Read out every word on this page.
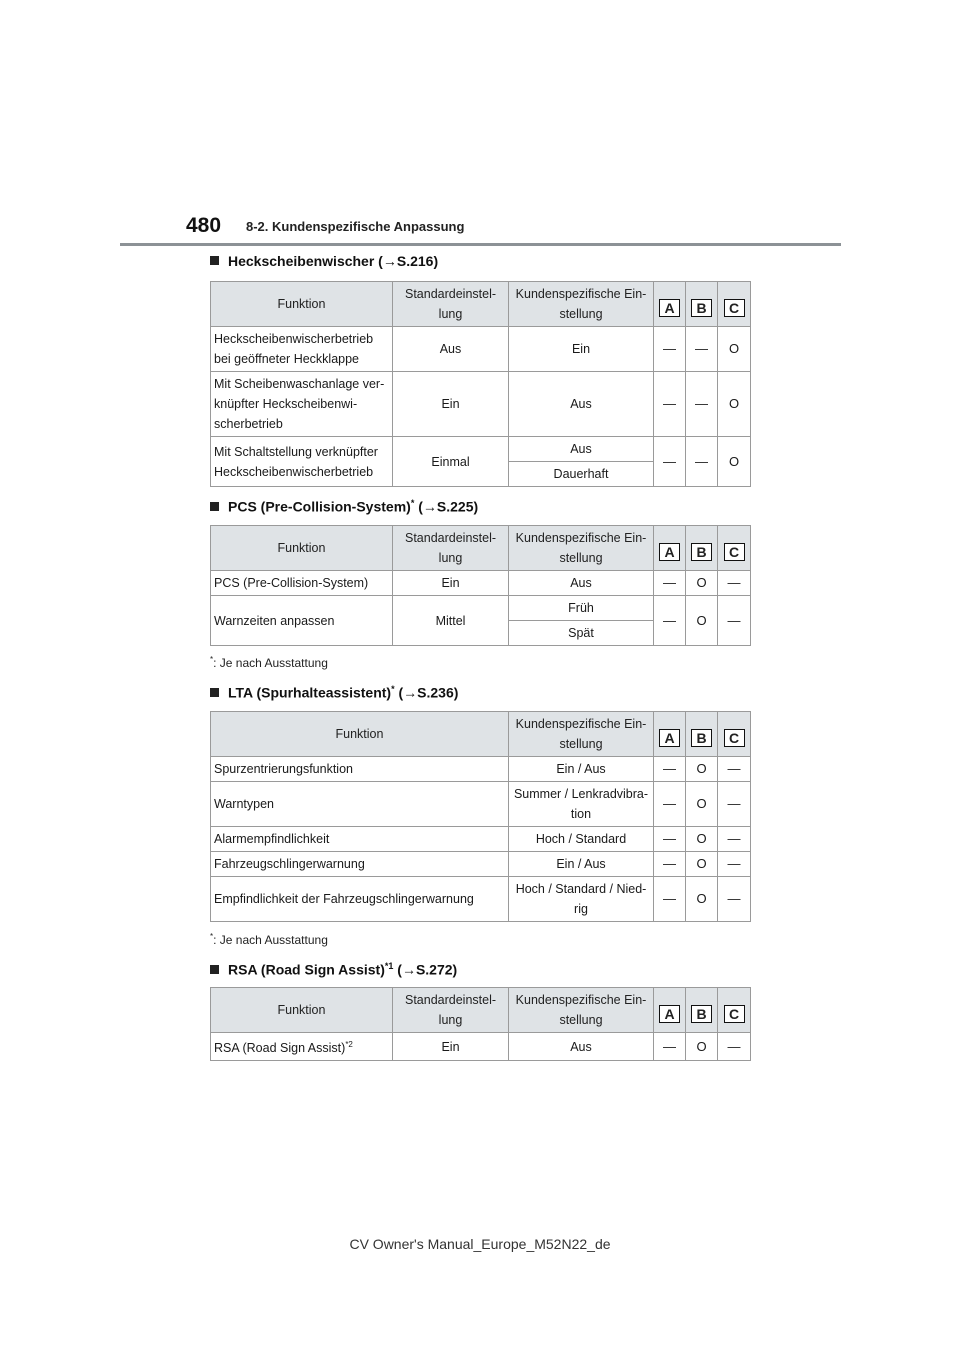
480 8-2. Kundenspezifische Anpassung
Heckscheibenwischer (→S.216)
Funktion	Standardeinstel-
lung	Kundenspezifische Ein-
stellung	A	B	C
Heckscheibenwischerbetrieb
bei geöffneter Heckklappe	Aus	Ein	—	—	O
Mit Scheibenwaschanlage ver-
knüpfter Heckscheibenwi-
scherbetrieb	Ein	Aus	—	—	O
Mit Schaltstellung verknüpfter
Heckscheibenwischerbetrieb	Einmal	Aus	—	—	O
		Dauerhaft			
PCS (Pre-Collision-System)* (→S.225)
Funktion	Standardeinstel-
lung	Kundenspezifische Ein-
stellung	A	B	C
PCS (Pre-Collision-System)	Ein	Aus	—	O	—
Warnzeiten anpassen	Mittel	Früh	—	O	—
		Spät			
*: Je nach Ausstattung
LTA (Spurhalteassistent)* (→S.236)
Funktion	Kundenspezifische Ein-
stellung	A	B	C
Spurzentrierungsfunktion	Ein / Aus	—	O	—
Warntypen	Summer / Lenkradvibra-
tion	—	O	—
Alarmempfindlichkeit	Hoch / Standard	—	O	—
Fahrzeugschlingerwarnung	Ein / Aus	—	O	—
Empfindlichkeit der Fahrzeugschlingerwarnung	Hoch / Standard / Nied-
rig	—	O	—
*: Je nach Ausstattung
RSA (Road Sign Assist)$^{*1}$ (→S.272)
Funktion	Standardeinstel-
lung	Kundenspezifische Ein-
stellung	A	B	C
RSA (Road Sign Assist)$^{*2}$	Ein	Aus	—	O	—
CV Owner's Manual_Europe_M52N22_de
